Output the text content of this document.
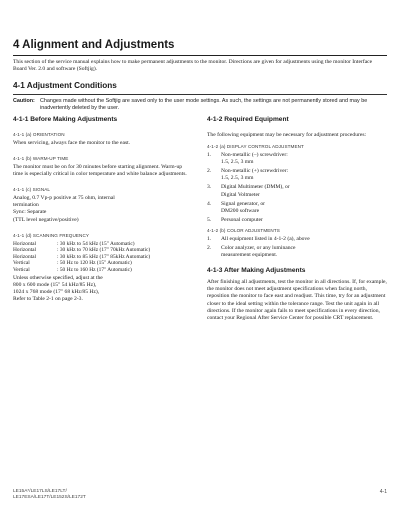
4 Alignment and Adjustments
This section of the service manual explains how to make permanent adjustments to the monitor. Directions are given for adjustments using the monitor Interface Board Ver. 2.0 and software (Softjig).
4-1 Adjustment Conditions
Caution: Changes made without the Softjig are saved only to the user mode settings. As such, the settings are not permanently stored and may be inadvertently deleted by the user.
4-1-1 Before Making Adjustments
4-1-1 (a) ORIENTATION
When servicing, always face the monitor to the east.
4-1-1 (b) WARM-UP TIME
The monitor must be on for 30 minutes before starting alignment. Warm-up time is especially critical in color temperature and white balance adjustments.
4-1-1 (c) SIGNAL
Analog, 0.7 Vp-p positive at 75 ohm, internal
termination
Sync: Separate
(TTL level negative/positive)
4-1-1 (d) SCANNING FREQUENCY
Horizontal	: 30 kHz to 54 kHz (15" Automatic)
Horizontal	: 30 kHz to 70 kHz (17" 70kHz Automatic)
Horizontal	: 30 kHz to 85 kHz (17" 85kHz Automatic)
Vertical	: 50 Hz to 120 Hz (15" Automatic)
Vertical	: 50 Hz to 160 Hz (17" Automatic)
Unless otherwise specified, adjust at the
800 x 600 mode (15" 54 kHz/85 Hz),
1024 x 768 mode (17" 68 kHz/85 Hz),
Refer to Table 2-1 on page 2-3.
4-1-2 Required Equipment
The following equipment may be necessary for adjustment procedures:
4-1-2 (a) DISPLAY CONTROL ADJUSTMENT
1. Non-metallic (–) screwdriver:
1.5, 2.5, 3 mm
2. Non-metallic (+) screwdriver:
1.5, 2.5, 3 mm
3. Digital Multimeter (DMM), or
Digital Voltmeter
4. Signal generator, or
DM200 software
5. Personal computer
4-1-2 (b) COLOR ADJUSTMENTS
1. All equipment listed in 4-1-2 (a), above
2. Color analyzer, or any luminance
measurement equipment.
4-1-3 After Making Adjustments
After finishing all adjustments, test the monitor in all directions. If, for example, the monitor does not meet adjustment specifications when facing north, reposition the monitor to face east and readjust. This time, try for an adjustment closer to the ideal setting within the tolerance range. Test the unit again in all directions. If the monitor again fails to meet specifications in every direction, contact your Regional After Service Center for possible CRT replacement.
LE15A*/LE17LS/LE17LT/
LE17ESA/LE17T/LE152S/LE172T
4-1
